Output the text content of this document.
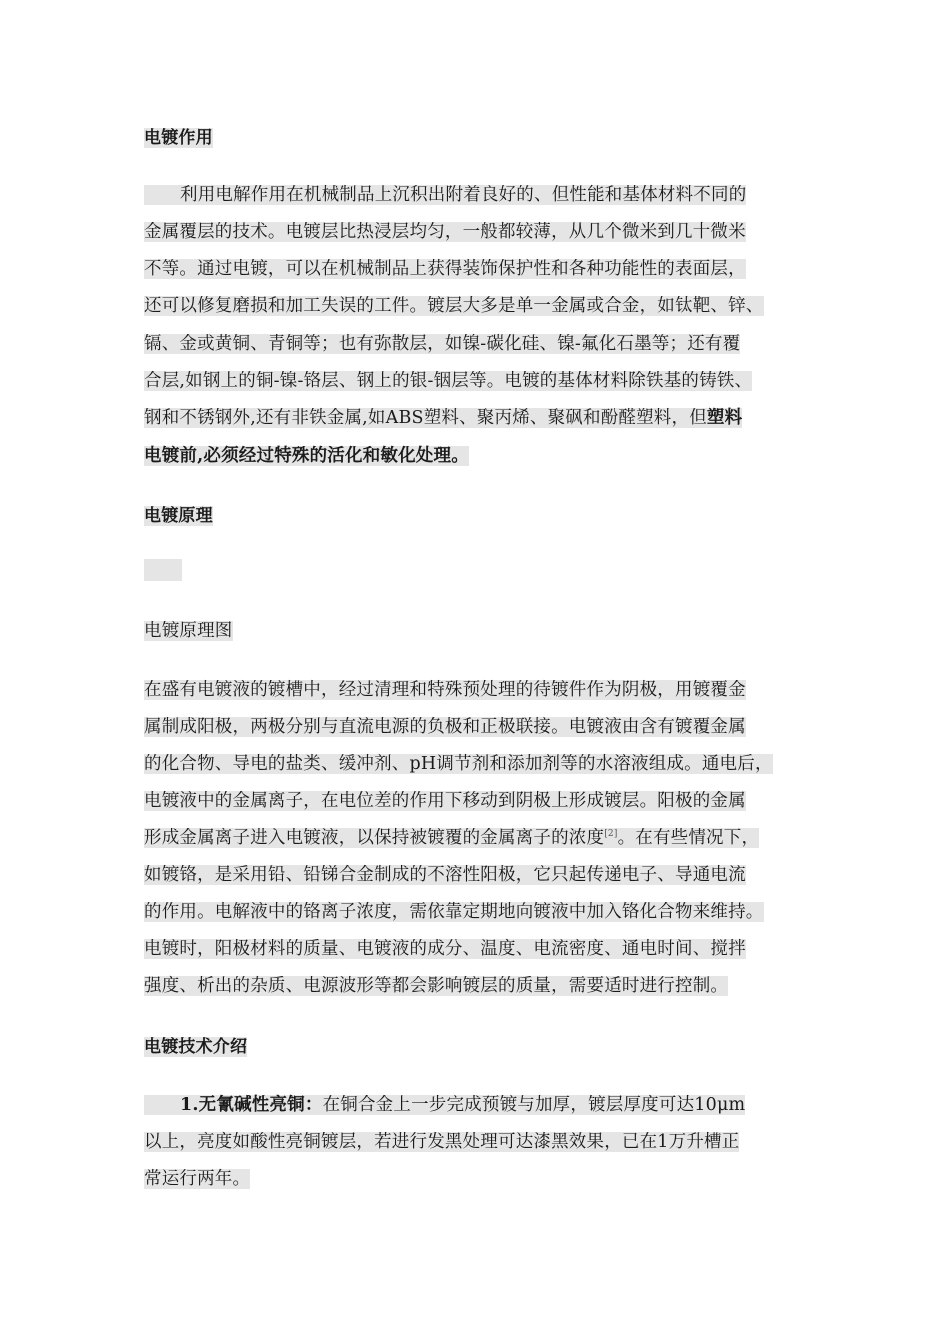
电镀作用
利用电解作用在机械制品上沉积出附着良好的、但性能和基体材料不同的
金属覆层的技术。电镀层比热浸层均匀，一般都较薄，从几个微米到几十微米
不等。通过电镀，可以在机械制品上获得装饰保护性和各种功能性的表面层，
还可以修复磨损和加工失误的工件。镀层大多是单一金属或合金，如钛靶、锌、
镉、金或黄铜、青铜等；也有弥散层，如镍-碳化硅、镍-氟化石墨等；还有覆
合层,如钢上的铜-镍-铬层、钢上的银-铟层等。电镀的基体材料除铁基的铸铁、
钢和不锈钢外,还有非铁金属,如ABS塑料、聚丙烯、聚砜和酚醛塑料，但塑料
电镀前,必须经过特殊的活化和敏化处理。
电镀原理
电镀原理图
在盛有电镀液的镀槽中，经过清理和特殊预处理的待镀件作为阴极，用镀覆金
属制成阳极，两极分别与直流电源的负极和正极联接。电镀液由含有镀覆金属
的化合物、导电的盐类、缓冲剂、pH调节剂和添加剂等的水溶液组成。通电后，
电镀液中的金属离子，在电位差的作用下移动到阴极上形成镀层。阳极的金属
形成金属离子进入电镀液，以保持被镀覆的金属离子的浓度[2]。在有些情况下，
如镀铬，是采用铅、铅锑合金制成的不溶性阳极，它只起传递电子、导通电流
的作用。电解液中的铬离子浓度，需依靠定期地向镀液中加入铬化合物来维持。
电镀时，阳极材料的质量、电镀液的成分、温度、电流密度、通电时间、搅拌
强度、析出的杂质、电源波形等都会影响镀层的质量，需要适时进行控制。
电镀技术介绍
1.无氰碱性亮铜：在铜合金上一步完成预镀与加厚，镀层厚度可达10μm
以上，亮度如酸性亮铜镀层，若进行发黑处理可达漆黑效果，已在1万升槽正
常运行两年。
